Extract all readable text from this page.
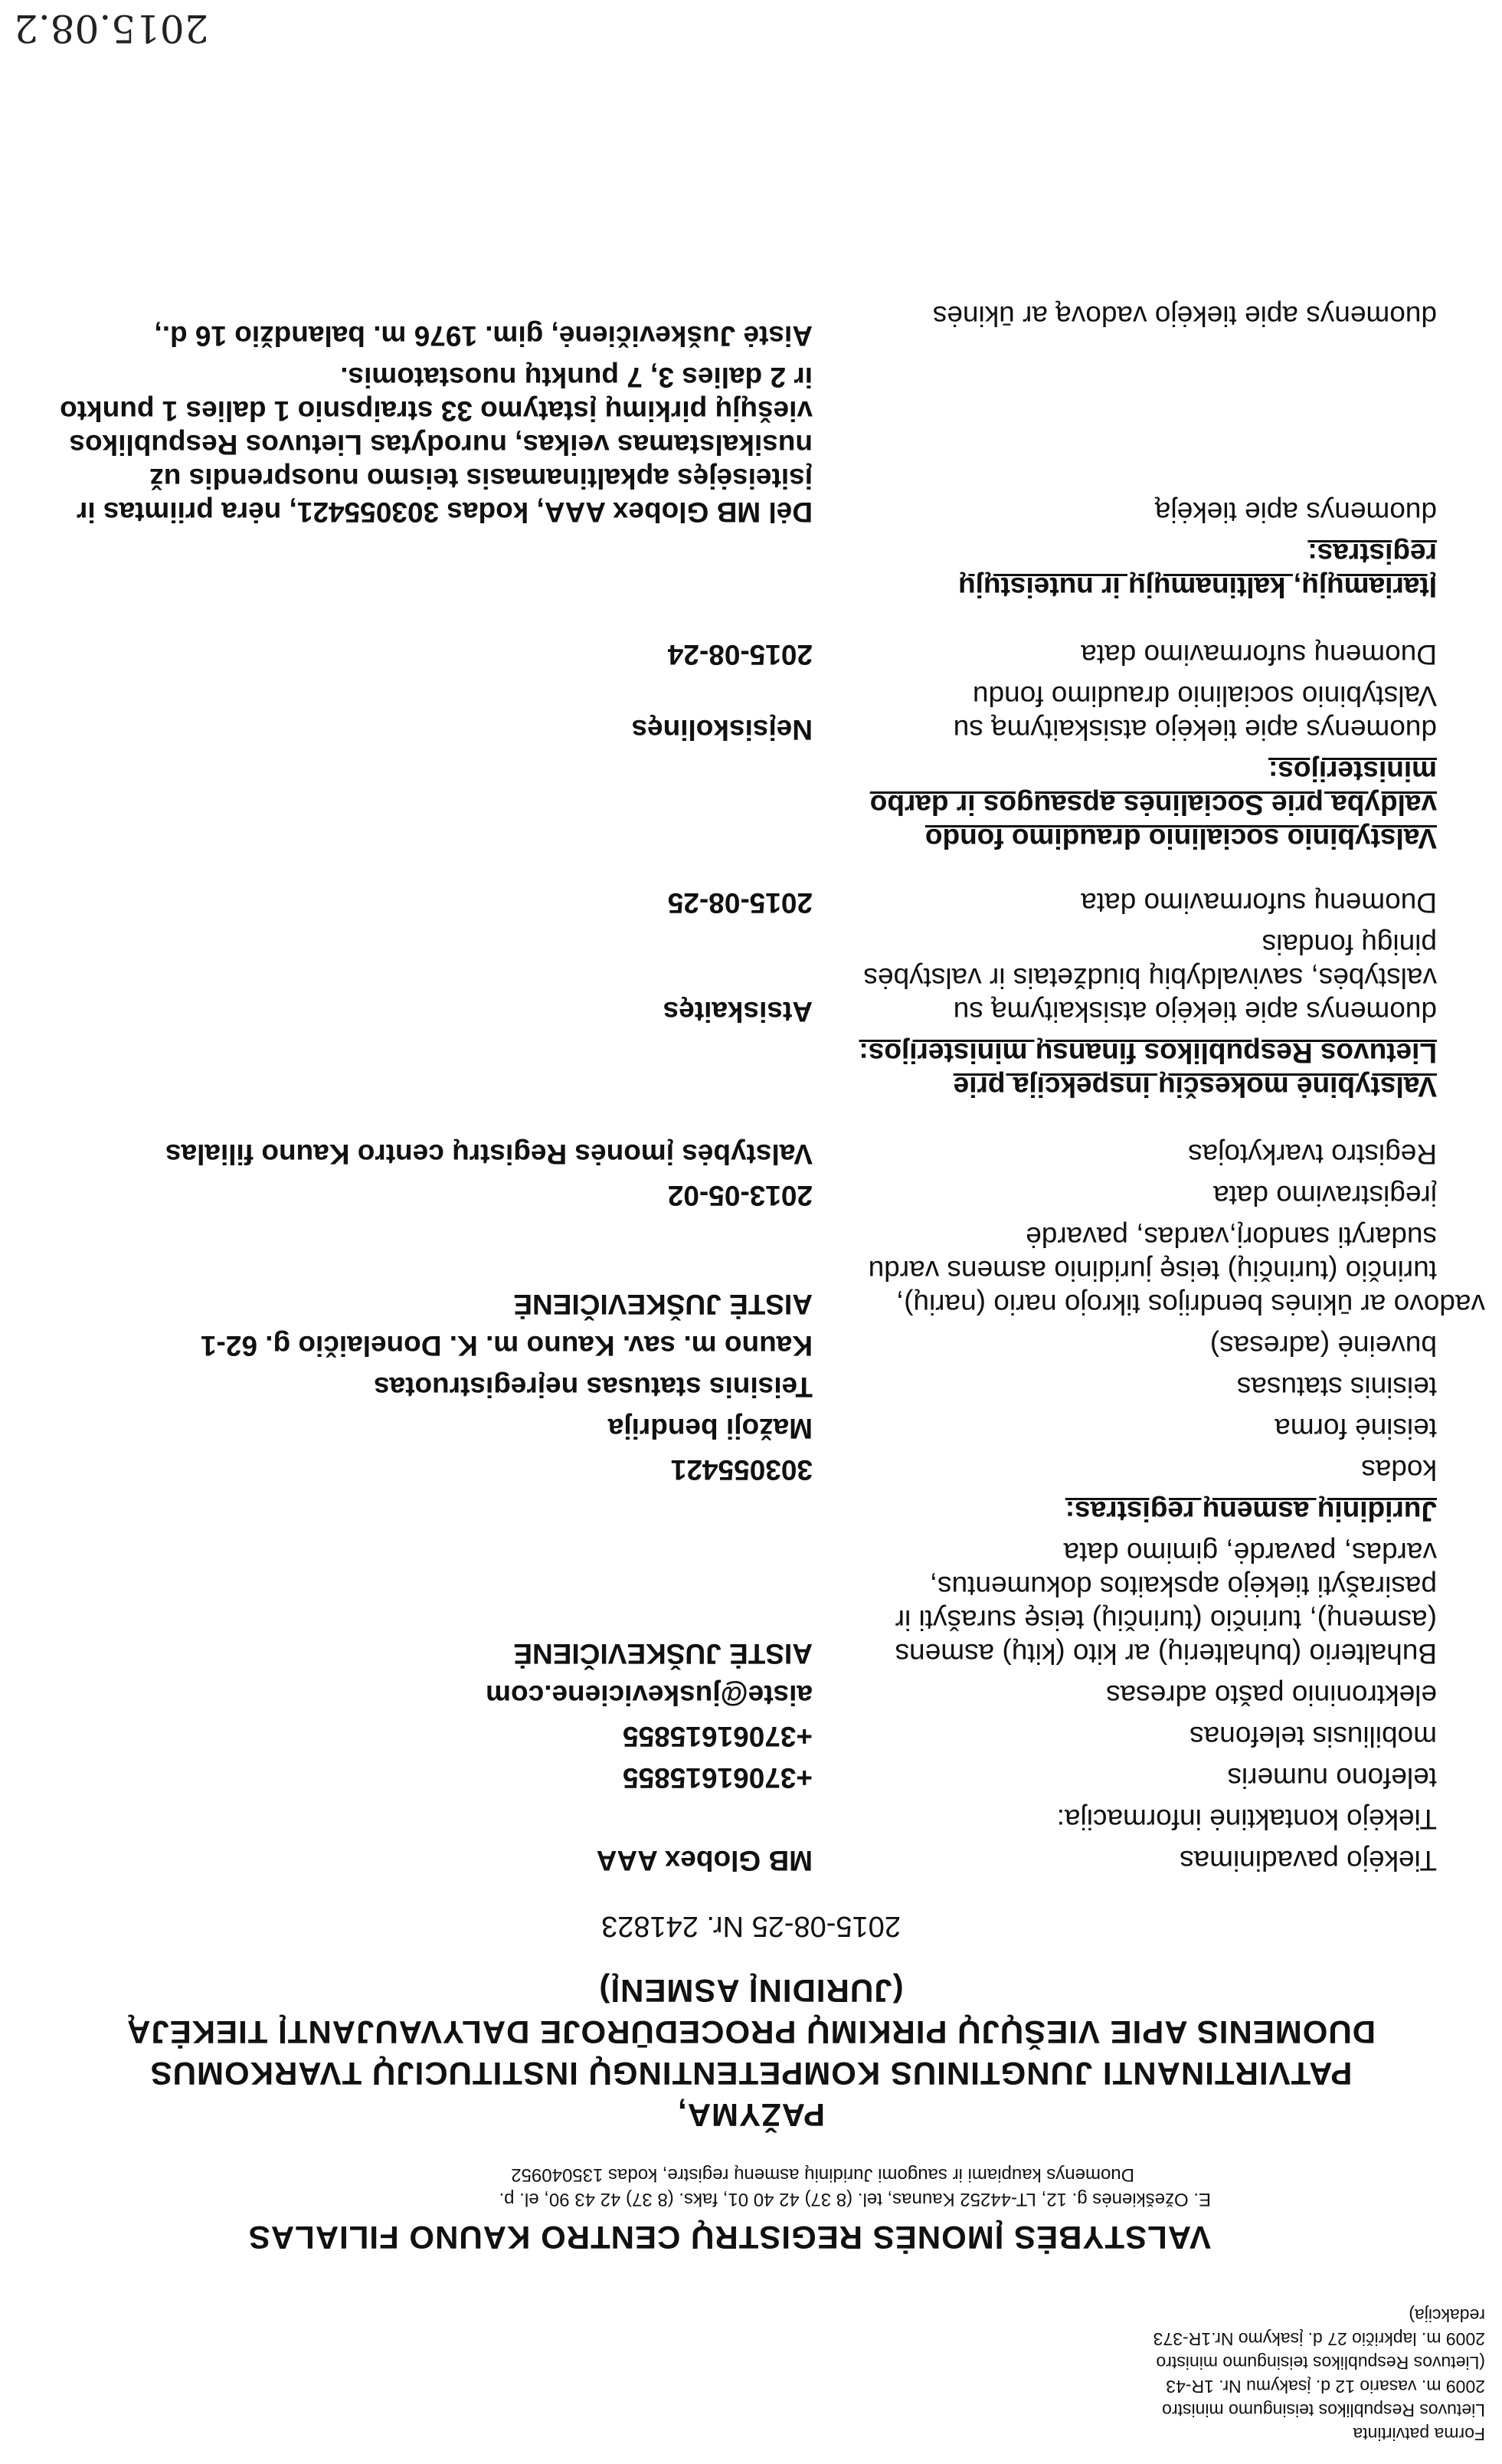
Forma patvirtinta
Lietuvos Respublikos teisingumo ministro
2009 m. vasario 12 d. įsakymu Nr. 1R-43
(Lietuvos Respublikos teisingumo ministro
2009 m. lapkričio 27 d. įsakymo Nr.1R-373
redakcija)
2015.08.2
VALSTYBĖS ĮMONĖS REGISTRŲ CENTRO KAUNO FILIALAS
E. Ožeškienės g. 12, LT-44252 Kaunas, tel. (8 37) 42 40 01, faks. (8 37) 42 43 90, el. p.
Duomenys kaupiami ir saugomi Juridinių asmenų registre, kodas 135040952
PAŽYMA,
PATVIRTINANTI JUNGTINIUS KOMPETENTINGŲ INSTITUCIJŲ TVARKOMUS
DUOMENIS APIE VIEŠŲJŲ PIRKIMŲ PROCEDŪROJE DALYVAUJANTĮ TIEKĖJĄ
(JURIDINĮ ASMENĮ)
2015-08-25 Nr. 241823
Tiekėjo pavadinimas
MB Globex AAA
Tiekėjo kontaktinė informacija:
telefono numeris
+37061615855
mobiliusis telefonas
+37061615855
elektroninio pašto adresas
aiste@juskeviciene.com
Buhalterio (buhalterių) ar kito (kitų) asmens
(asmenų), turinčio (turinčių) teisę surašyti ir
pasirašyti tiekėjo apskaitos dokumentus,
vardas, pavardė, gimimo data
AISTĖ JUŠKEVIČIENĖ
Juridinių asmenų registras:
kodas
303055421
teisinė forma
Mažoji bendrija
teisinis statusas
Teisinis statusas neįregistruotas
buveinė (adresas)
Kauno m. sav. Kauno m. K. Donelaičio g. 62-1
vadovo ar ūkinės bendrijos tikrojo nario (narių),
turinčio (turinčių) teisę juridinio asmens vardu
sudaryti sandorį,vardas, pavardė
AISTĖ JUŠKEVIČIENĖ
įregistravimo data
2013-05-02
Registro tvarkytojas
Valstybės įmonės Registrų centro Kauno filialas
Valstybinė mokesčių inspekcija prie
Lietuvos Respublikos finansų ministerijos:
duomenys apie tiekėjo atsiskaitymą su
valstybės, savivaldybių biudžetais ir valstybės
pinigų fondais
Atsiskaitęs
Duomenų suformavimo data
2015-08-25
Valstybinio socialinio draudimo fondo
valdyba prie Socialinės apsaugos ir darbo
ministerijos:
duomenys apie tiekėjo atsiskaitymą su
Valstybinio socialinio draudimo fondu
Neįsiskolinęs
Duomenų suformavimo data
2015-08-24
Įtariamųjų, kaltinamųjų ir nuteistųjų
registras:
duomenys apie tiekėją
Dėl MB Globex AAA, kodas 303055421, nėra priimtas ir
įsiteisėjęs apkaltinamasis teismo nuosprendis už
nusikalstamas veikas, nurodytas Lietuvos Respublikos
viešųjų pirkimų įstatymo 33 straipsnio 1 dalies 1 punkto
ir 2 dalies 3, 7 punktų nuostatomis.
duomenys apie tiekėjo vadovą ar ūkinės
Aistė Juškevičienė, gim. 1976 m. balandžio 16 d.,
